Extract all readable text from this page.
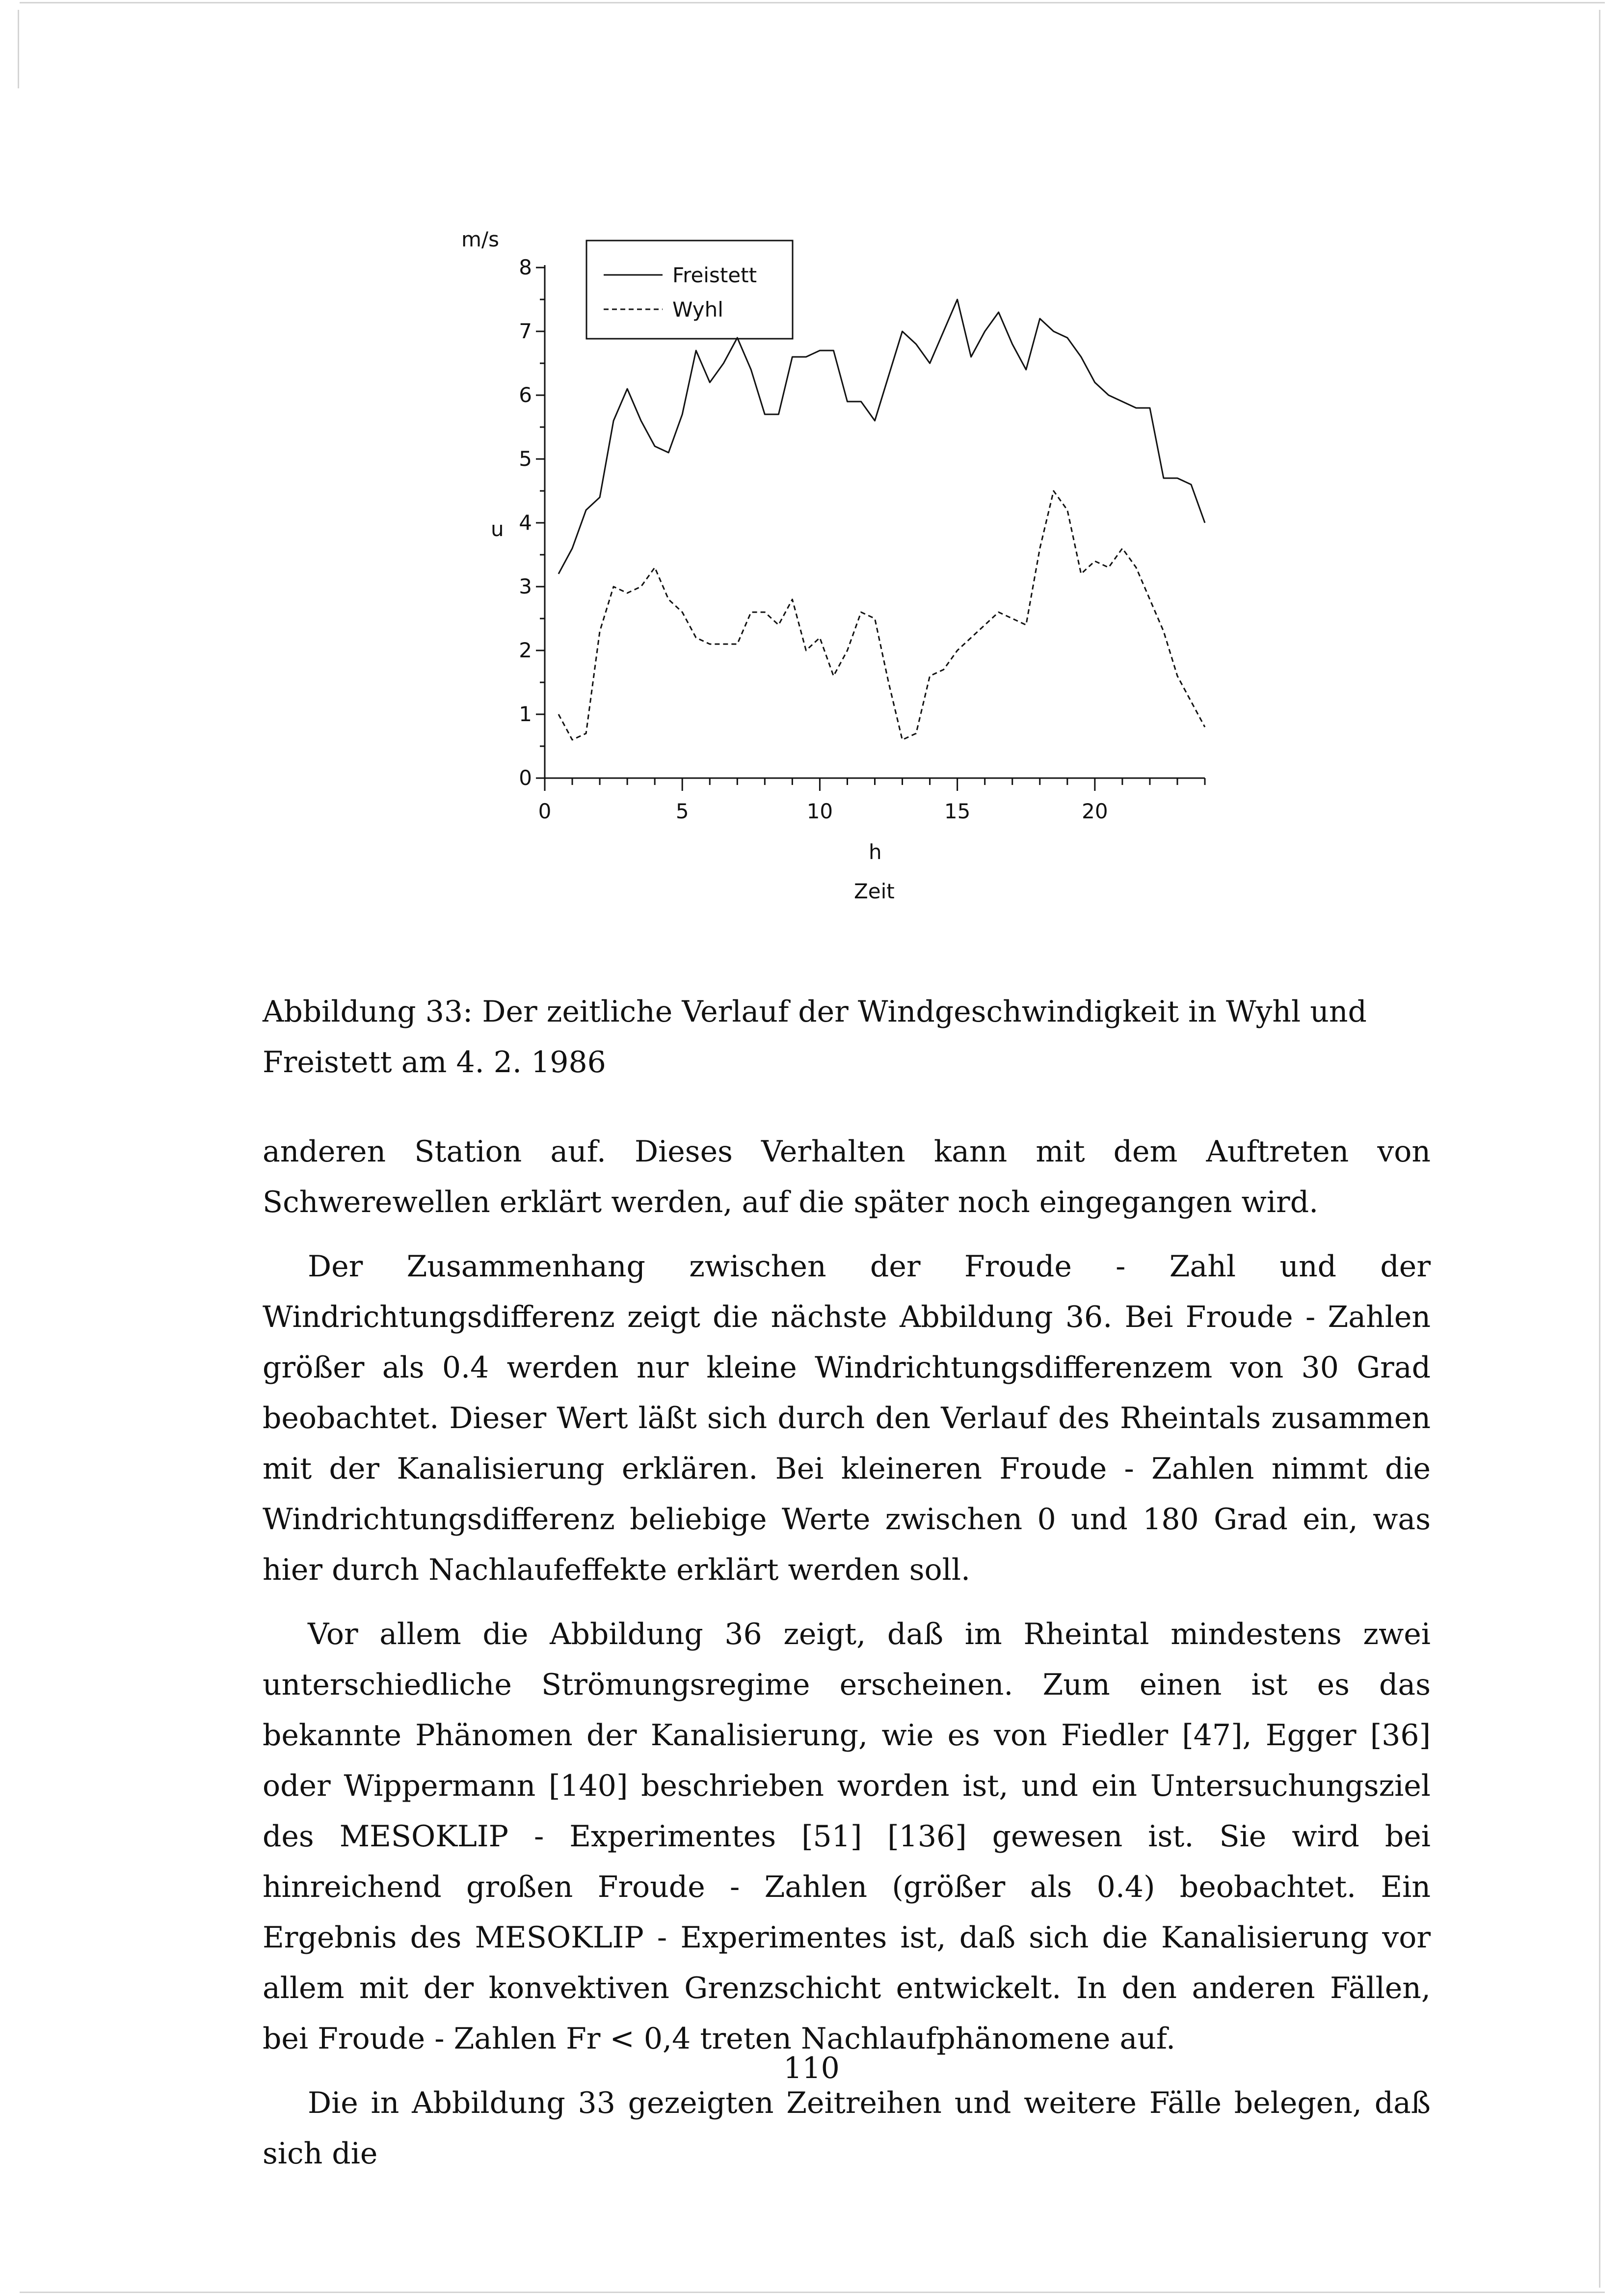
m/s
u
h
Zeit
Freistett
Wyhl
0
1
2
3
4
5
6
7
8
0	5	10	15	20
Abbildung 33: Der zeitliche Verlauf der Windgeschwindigkeit in Wyhl und Freistett am 4. 2. 1986

anderen Station auf. Dieses Verhalten kann mit dem Auftreten von Schwerewellen erklärt werden, auf die später noch eingegangen wird.

Der Zusammenhang zwischen der Froude - Zahl und der Windrichtungsdifferenz zeigt die nächste Abbildung 36. Bei Froude - Zahlen größer als 0.4 werden nur kleine Windrichtungsdifferenzem von 30 Grad beobachtet. Dieser Wert läßt sich durch den Verlauf des Rheintals zusammen mit der Kanalisierung erklären. Bei kleineren Froude - Zahlen nimmt die Windrichtungsdifferenz beliebige Werte zwischen 0 und 180 Grad ein, was hier durch Nachlaufeffekte erklärt werden soll.

Vor allem die Abbildung 36 zeigt, daß im Rheintal mindestens zwei unterschiedliche Strömungsregime erscheinen. Zum einen ist es das bekannte Phänomen der Kanalisierung, wie es von Fiedler [47], Egger [36] oder Wippermann [140] beschrieben worden ist, und ein Untersuchungsziel des MESOKLIP - Experimentes [51] [136] gewesen ist. Sie wird bei hinreichend großen Froude - Zahlen (größer als 0.4) beobachtet. Ein Ergebnis des MESOKLIP - Experimentes ist, daß sich die Kanalisierung vor allem mit der konvektiven Grenzschicht entwickelt. In den anderen Fällen, bei Froude - Zahlen Fr < 0,4 treten Nachlaufphänomene auf.

Die in Abbildung 33 gezeigten Zeitreihen und weitere Fälle belegen, daß sich die

110
